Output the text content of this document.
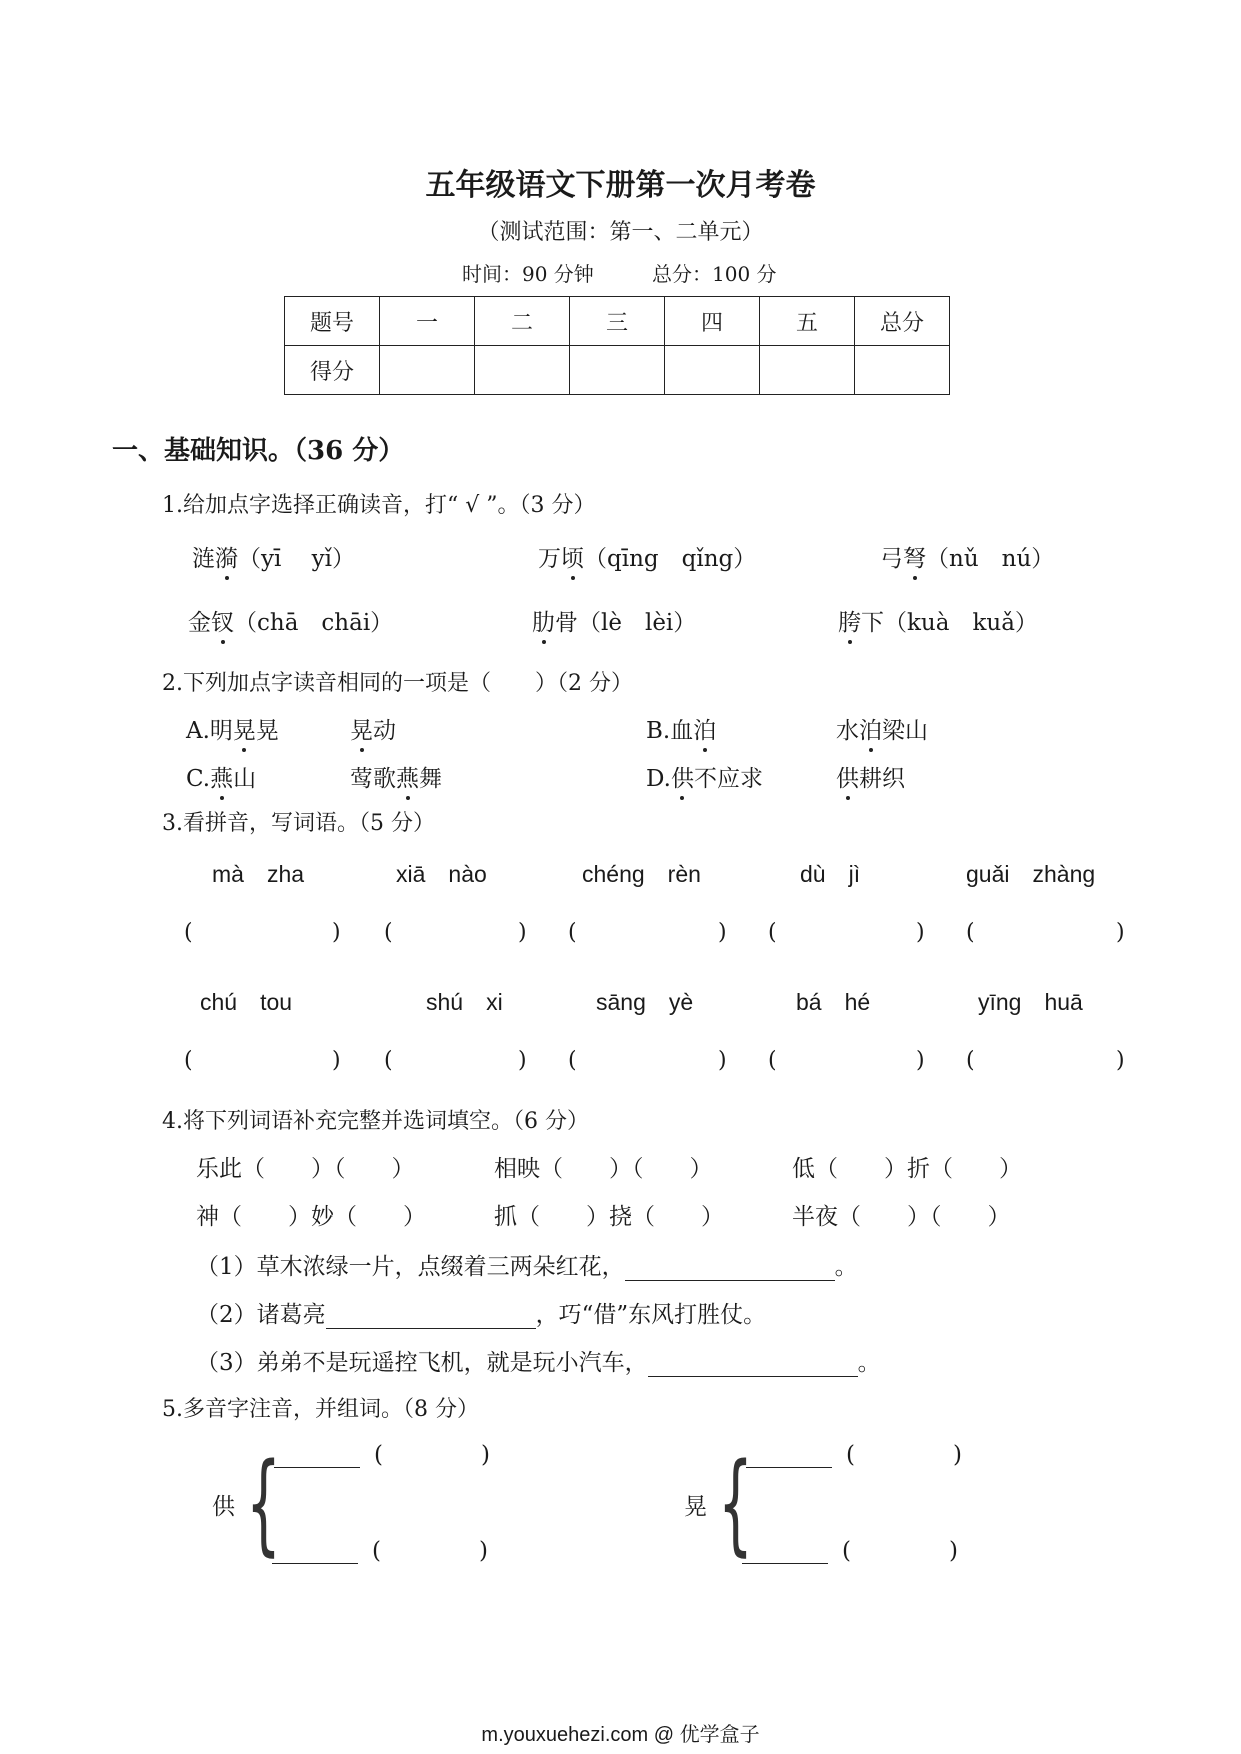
五年级语文下册第一次月考卷
（测试范围：第一、二单元）
时间：90 分钟	总分：100 分
题号	一	二	三	四	五	总分
得分						
一、基础知识。（36 分）
1.给加点字选择正确读音，打“ √ ”。（3 分）
涟漪（yī　 yǐ）	万顷（qīng　qǐng）	弓弩（nǔ　nú）
金钗（chā　chāi）	肋骨（lè　lèi）	胯下（kuà　kuǎ）
2.下列加点字读音相同的一项是（　　）（2 分）
A.明晃晃	晃动	B.血泊	水泊梁山
C.燕山	莺歌燕舞	D.供不应求	供耕织
3.看拼音，写词语。（5 分）
mà　zha	xiā　nào	chéng　rèn	dù　jì	guǎi　zhàng
(	) (	) (	) (	) (	)
chú　tou	shú　xi	sāng　yè	bá　hé	yīng　huā
(	) (	) (	) (	) (	)
4.将下列词语补充完整并选词填空。（6 分）
乐此（　　）（　　）	相映（　　）（　　）	低（　　）折（　　）
神（　　）妙（　　）	抓（　　）挠（　　）	半夜（　　）（　　）
（1）草木浓绿一片，点缀着三两朵红花，	。
（2）诸葛亮	，巧“借”东风打胜仗。
（3）弟弟不是玩遥控飞机，就是玩小汽车，	。
5.多音字注音，并组词。（8 分）
供 {	(	)
(	)
晃 {	(	)
(	)
m.youxuehezi.com @ 优学盒子
